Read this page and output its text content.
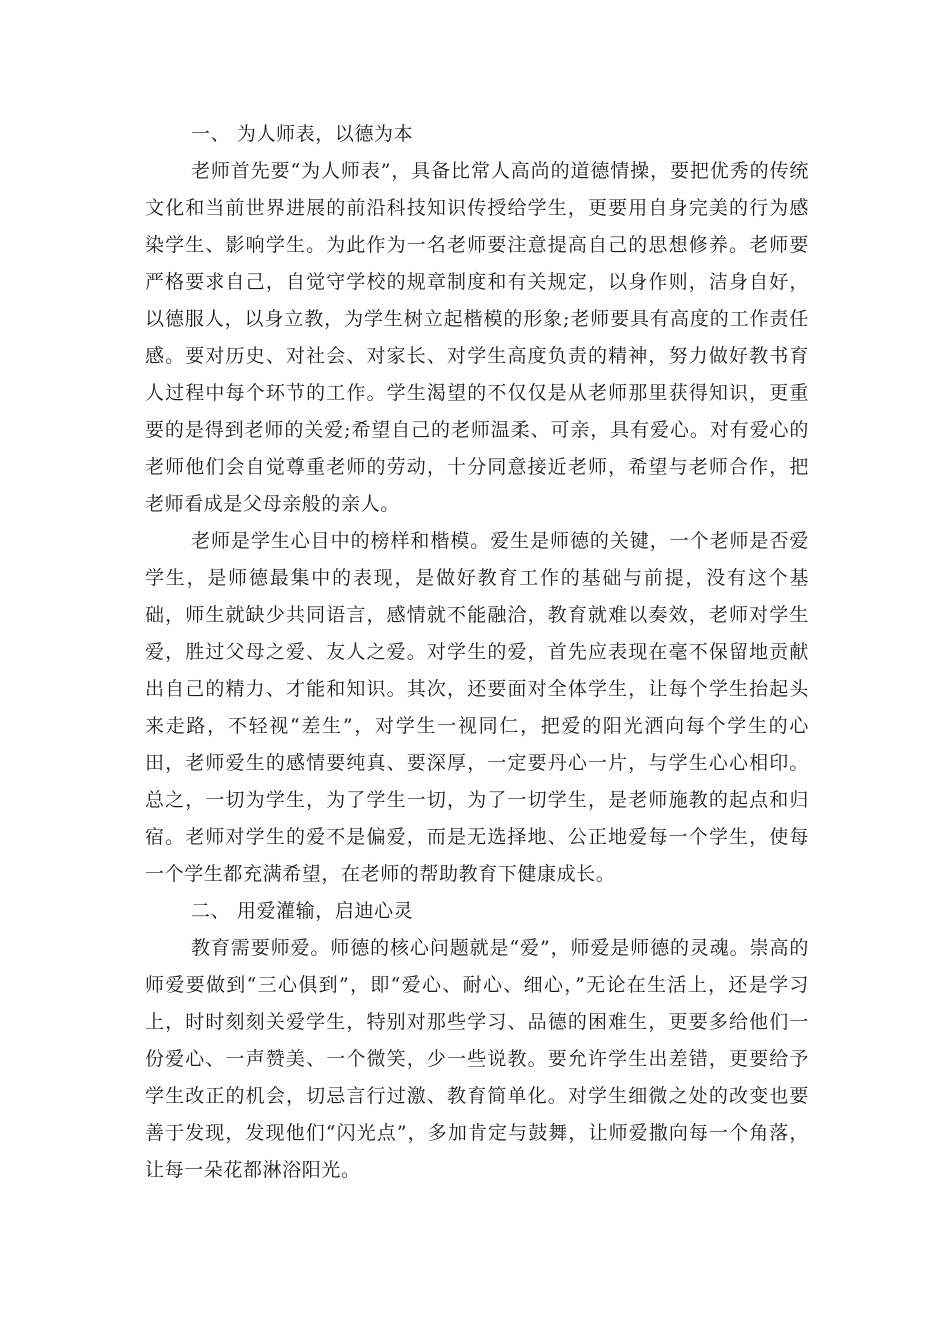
一、 为人师表，以德为本

老师首先要“为人师表”，具备比常人高尚的道德情操，要把优秀的传统文化和当前世界进展的前沿科技知识传授给学生，更要用自身完美的行为感染学生、影响学生。为此作为一名老师要注意提高自己的思想修养。老师要严格要求自己，自觉守学校的规章制度和有关规定，以身作则，洁身自好，以德服人，以身立教，为学生树立起楷模的形象;老师要具有高度的工作责任感。要对历史、对社会、对家长、对学生高度负责的精神，努力做好教书育人过程中每个环节的工作。学生渴望的不仅仅是从老师那里获得知识，更重要的是得到老师的关爱;希望自己的老师温柔、可亲，具有爱心。对有爱心的老师他们会自觉尊重老师的劳动，十分同意接近老师，希望与老师合作，把老师看成是父母亲般的亲人。

老师是学生心目中的榜样和楷模。爱生是师德的关键，一个老师是否爱学生，是师德最集中的表现，是做好教育工作的基础与前提，没有这个基础，师生就缺少共同语言，感情就不能融洽，教育就难以奏效，老师对学生爱，胜过父母之爱、友人之爱。对学生的爱，首先应表现在毫不保留地贡献出自己的精力、才能和知识。其次，还要面对全体学生，让每个学生抬起头来走路，不轻视“差生”，对学生一视同仁，把爱的阳光洒向每个学生的心田，老师爱生的感情要纯真、要深厚，一定要丹心一片，与学生心心相印。总之，一切为学生，为了学生一切，为了一切学生，是老师施教的起点和归宿。老师对学生的爱不是偏爱，而是无选择地、公正地爱每一个学生，使每一个学生都充满希望，在老师的帮助教育下健康成长。

二、 用爱灌输，启迪心灵

教育需要师爱。师德的核心问题就是“爱”，师爱是师德的灵魂。崇高的师爱要做到“三心俱到”，即“爱心、耐心、细心，”无论在生活上，还是学习上，时时刻刻关爱学生，特别对那些学习、品德的困难生，更要多给他们一份爱心、一声赞美、一个微笑，少一些说教。要允许学生出差错，更要给予学生改正的机会，切忌言行过激、教育简单化。对学生细微之处的改变也要善于发现，发现他们“闪光点”，多加肯定与鼓舞，让师爱撒向每一个角落，让每一朵花都淋浴阳光。
